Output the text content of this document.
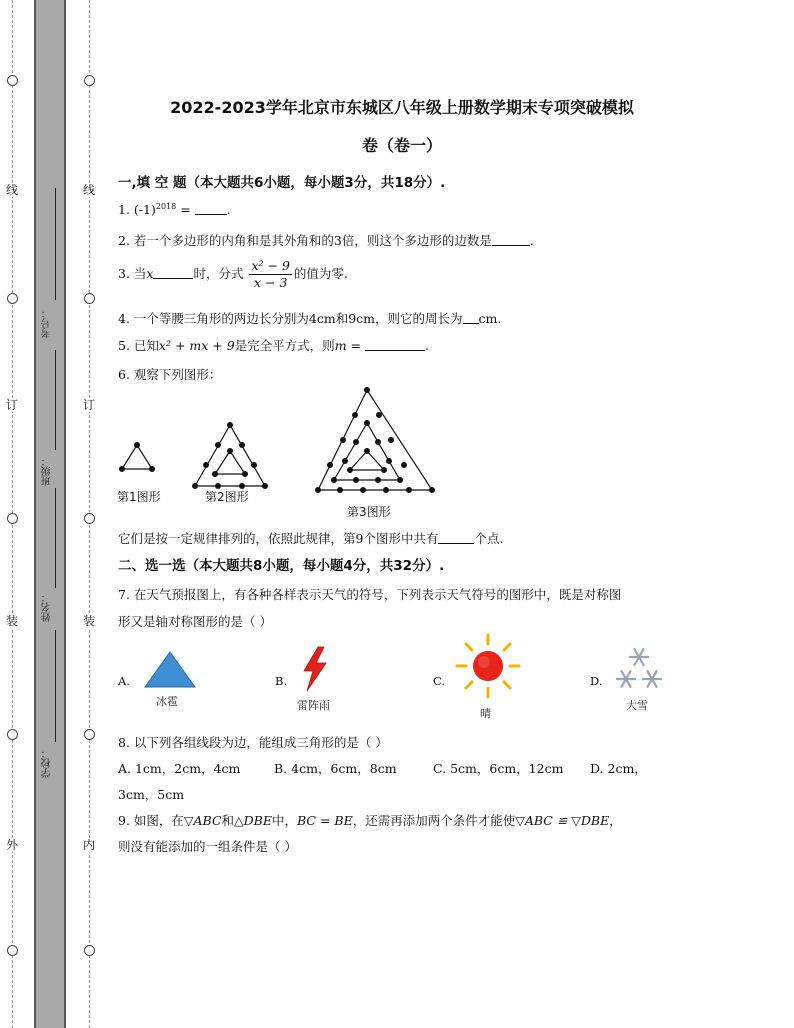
线
订
装
外
线
订
装
内
考号：
班级：
姓名：
学校：
2022-2023学年北京市东城区八年级上册数学期末专项突破模拟
卷（卷一）
一,填 空 题（本大题共6小题，每小题3分，共18分）.
1. $(-1)^{2018}$ =	.
2. 若一个多边形的内角和是其外角和的3倍，则这个多边形的边数是	.
3. 当x	时，分式 $\frac{\text{x² − 9}}{x - 3}$ 的值为零.
4. 一个等腰三角形的两边长分别为4cm和9cm，则它的周长为 cm.
5. 已知x² + mx + 9是完全平方式，则m =	.
6. 观察下列图形：
第1图形	第2图形
第3图形
它们是按一定规律排列的，依照此规律，第9个图形中共有	个点.
二、选一选（本大题共8小题，每小题4分，共32分）.
7. 在天气预报图上，有各种各样表示天气的符号，下列表示天气符号的图形中，既是对称图
形又是轴对称图形的是（ ）
A.
冰雹
B.
雷阵雨
C.
晴
D.
大雪
8. 以下列各组线段为边，能组成三角形的是（ ）
A. 1cm，2cm，4cm	B. 4cm，6cm，8cm	C. 5cm，6cm，12cm D. 2cm，
3cm，5cm
9. 如图，在▽ABC和△DBE中，BC = BE，还需再添加两个条件才能使▽ABC ≌ ▽DBE，
则没有能添加的一组条件是（ ）
